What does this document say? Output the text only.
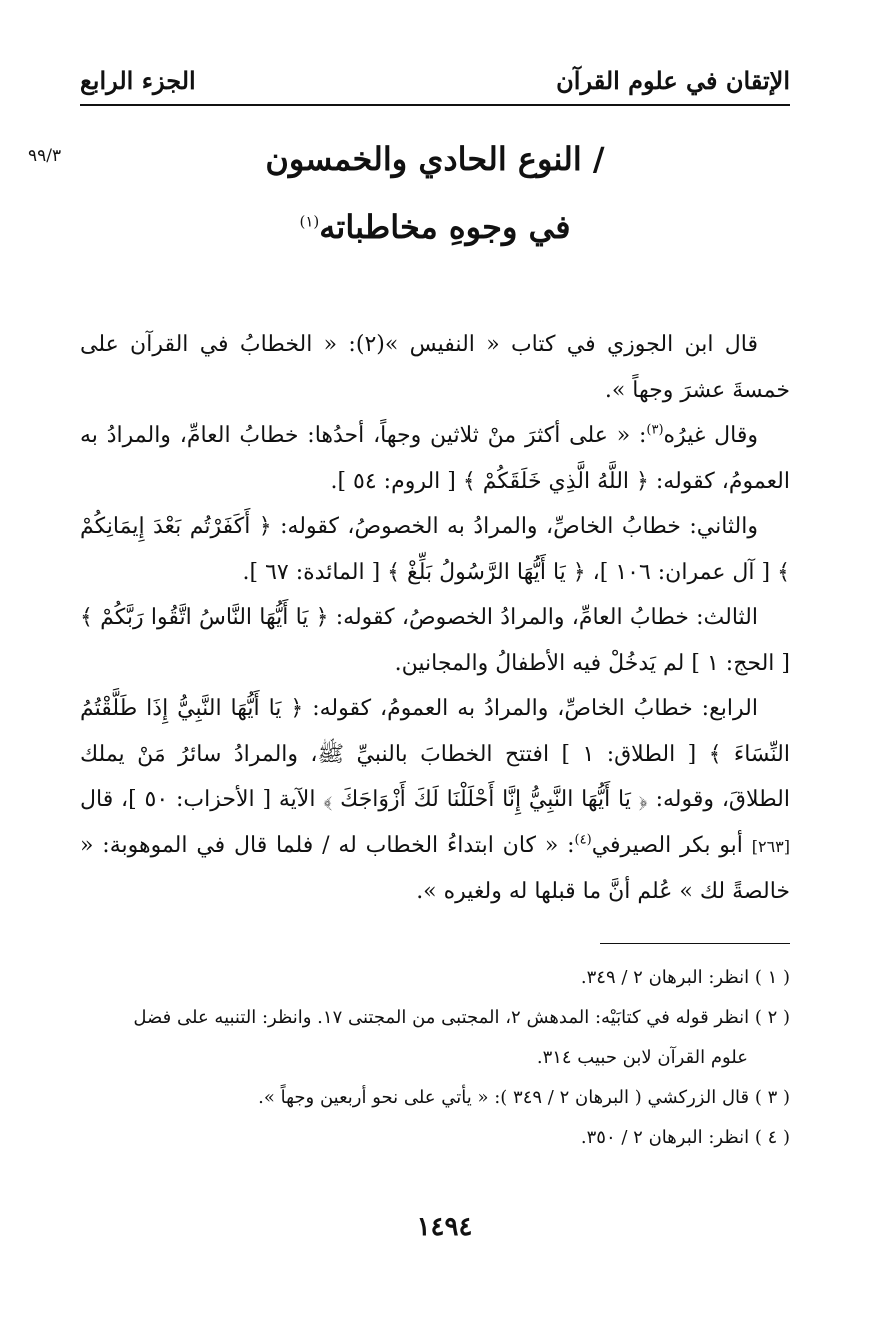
الإتقان في علوم القرآن
الجزء الرابع
٩٩/٣	/ النوع الحادي والخمسون
في وجوهِ مخاطباته$^{(١)}$

قال ابن الجوزي في كتاب « النفيس »(٢): « الخطابُ في القرآن على خمسةَ عشرَ وجهاً ».

وقال غيرُه$^{(٣)}$: « على أكثرَ منْ ثلاثين وجهاً، أحدُها: خطابُ العامِّ، والمرادُ به العمومُ، كقوله: ﴿ اللَّهُ الَّذِي خَلَقَكُمْ ﴾ [ الروم: ٥٤ ].

والثاني: خطابُ الخاصِّ، والمرادُ به الخصوصُ، كقوله: ﴿ أَكَفَرْتُم بَعْدَ إِيمَانِكُمْ ﴾ [ آل عمران: ١٠٦ ]، ﴿ يَا أَيُّهَا الرَّسُولُ بَلِّغْ ﴾ [ المائدة: ٦٧ ].

الثالث: خطابُ العامِّ، والمرادُ الخصوصُ، كقوله: ﴿ يَا أَيُّهَا النَّاسُ اتَّقُوا رَبَّكُمْ ﴾ [ الحج: ١ ] لم يَدخُلْ فيه الأطفالُ والمجانين.

الرابع: خطابُ الخاصِّ، والمرادُ به العمومُ، كقوله: ﴿ يَا أَيُّهَا النَّبِيُّ إِذَا طَلَّقْتُمُ النِّسَاءَ ﴾ [ الطلاق: ١ ] افتتح الخطابَ بالنبيِّ ﷺ، والمرادُ سائرُ مَنْ يملك الطلاقَ، وقوله: ﴿ يَا أَيُّهَا النَّبِيُّ إِنَّا أَحْلَلْنَا لَكَ أَزْوَاجَكَ ﴾ الآية [ الأحزاب: ٥٠ ]، قال [٢٦٣] أبو بكر الصيرفي$^{(٤)}$: « كان ابتداءُ الخطاب له / فلما قال في الموهوبة: « خالصةً لك » عُلم أنَّ ما قبلها له ولغيره ».

( ١ ) انظر: البرهان ٢ / ٣٤٩.

( ٢ ) انظر قوله في كتابَيْه: المدهش ٢، المجتبى من المجتنى ١٧. وانظر: التنبيه على فضل

علوم القرآن لابن حبيب ٣١٤.

( ٣ ) قال الزركشي ( البرهان ٢ / ٣٤٩ ): « يأتي على نحو أربعين وجهاً ».

( ٤ ) انظر: البرهان ٢ / ٣٥٠.

١٤٩٤
